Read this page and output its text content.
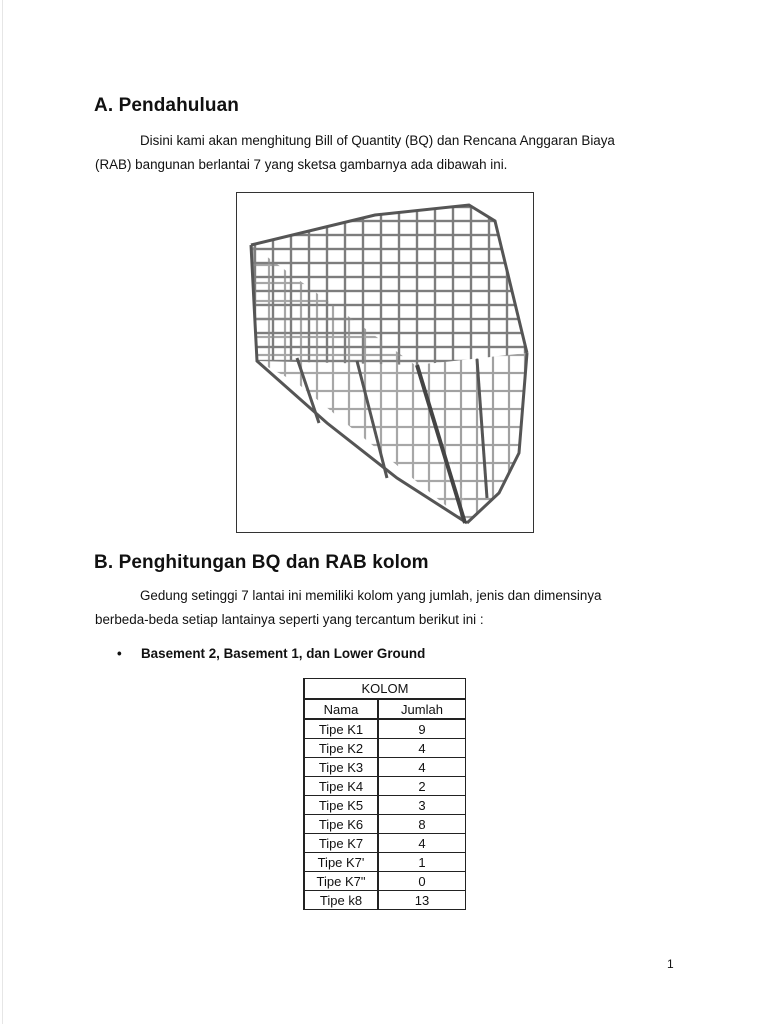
A. Pendahuluan

Disini kami akan menghitung Bill of Quantity (BQ) dan Rencana Anggaran Biaya
(RAB) bangunan berlantai 7 yang sketsa gambarnya ada dibawah ini.

B. Penghitungan BQ dan RAB kolom

Gedung setinggi 7 lantai ini memiliki kolom yang jumlah, jenis dan dimensinya
berbeda-beda setiap lantainya seperti yang tercantum berikut ini :

• Basement 2, Basement 1, dan Lower Ground
KOLOM	
Nama	Jumlah
Tipe K1	9
Tipe K2	4
Tipe K3	4
Tipe K4	2
Tipe K5	3
Tipe K6	8
Tipe K7	4
Tipe K7'	1
Tipe K7"	0
Tipe k8	13
1
